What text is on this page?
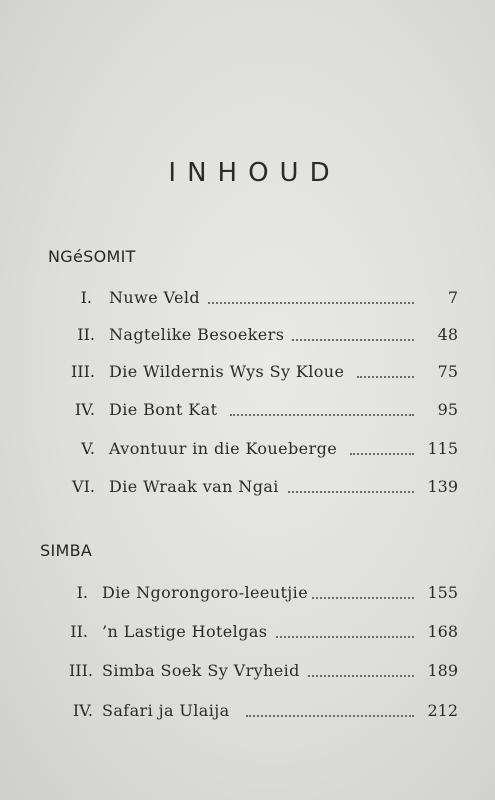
INHOUD
NGéSOMIT
I. Nuwe Veld	7
II. Nagtelike Besoekers	48
III. Die Wildernis Wys Sy Kloue	75
IV. Die Bont Kat	95
V. Avontuur in die Koueberge	115
VI. Die Wraak van Ngai	139
SIMBA
I. Die Ngorongoro-leeutjie	155
II. ’n Lastige Hotelgas	168
III. Simba Soek Sy Vryheid	189
IV. Safari ja Ulaija	212
